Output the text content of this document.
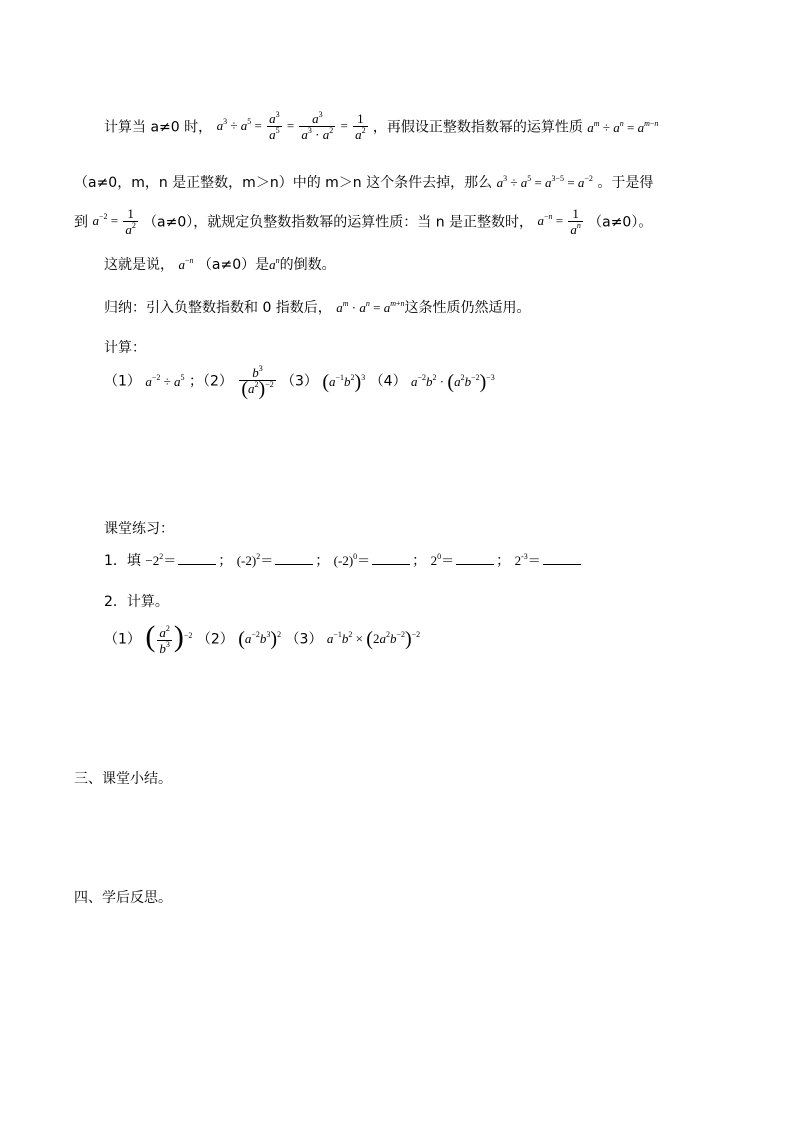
计算当 a≠0 时， $a^3 \div a^5 = \frac{a^3}{a^5} = \frac{a^3}{a^3 \cdot a^2} = \frac{1}{a^2}$ ，再假设正整数指数幂的运算性质 $a^m \div a^n = a^{m-n}$
（a≠0，m，n 是正整数，m＞n）中的 m＞n 这个条件去掉，那么 $a^3 \div a^5 = a^{3-5} = a^{-2}$ 。于是得
到 $a^{-2} = \frac{1}{a^2} (a\ne 0)$，就规定负整数指数幂的运算性质：当 n 是正整数时， $a^{-n} = \frac{1}{a^n} (a\ne 0)$。
这就是说， $a^{-n}$ （a≠0）是$a^n$的倒数。
归纳：引入负整数指数和 0 指数后， $a^m \cdot a^n = a^{m+n}$这条性质仍然适用。
计算：
（1） $a^{-2} \div a^5$ ；$(2) \frac{b^3}{(a^2)^{-2}} (3)$ $(a^{-1}b^2)^3$ （4） $a^{-2}b^2 \cdot (a^2b^{-2})^{-3}$
课堂练习：
1．填 $-2^2=$	； $(-2)^2=$	； $(-2)^0=$	； $2^0=$	； $2^{-3}=$
2．计算。
（1） ( $\frac{a^2}{b^3} )^{-2}$ （2） $(a^{-2}b^3)^2$ （3） $a^{-1}b^2 \times (2a^2b^{-2})^{-2}$
三、课堂小结。
四、学后反思。
